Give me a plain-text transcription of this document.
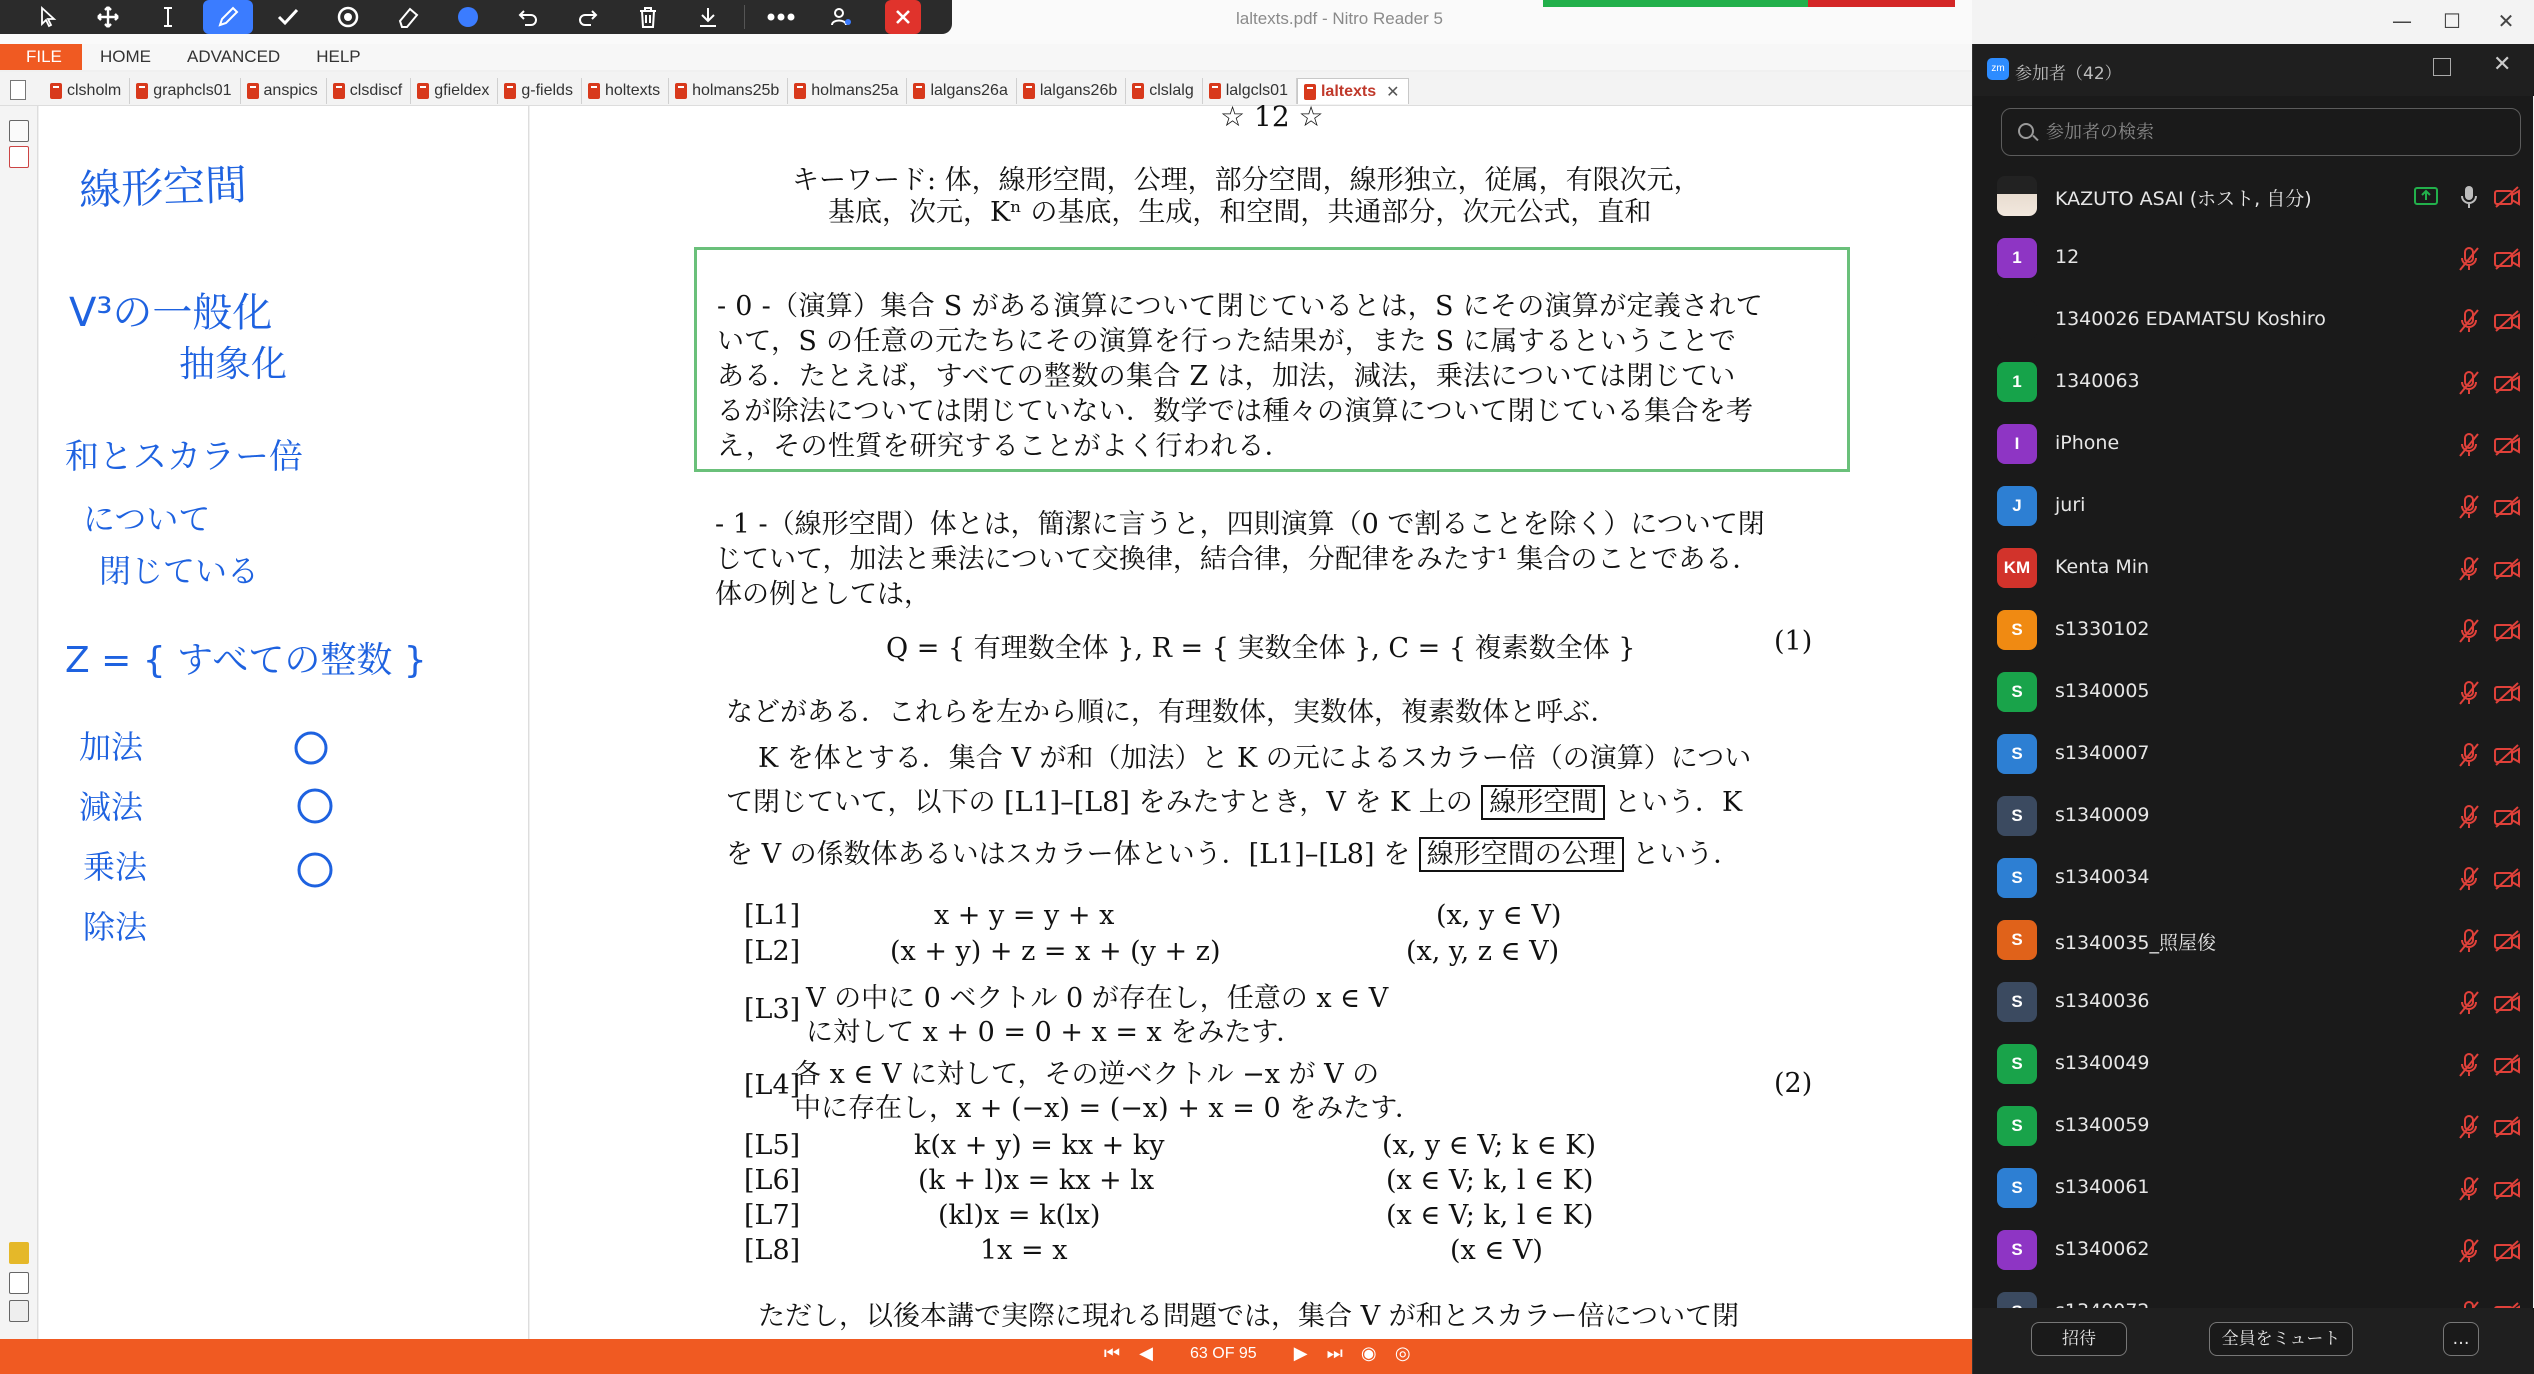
laltexts.pdf - Nitro Reader 5	—	☐	✕
FILE	HOME ADVANCED HELP
clsholm graphcls01 anspics clsdiscf gfieldex g-fields holtexts holmans25b holmans25a lalgans26a lalgans26b clslalg lalgcls01 laltexts ✕
線形空間
V³の一般化
抽象化
和とスカラー倍
について
閉じている
Z = { すべての整数 }
加法
減法
乗法
除法
☆ 12 ☆
キーワード: 体，線形空間，公理，部分空間，線形独立，従属，有限次元，
基底，次元，Kⁿ の基底，生成，和空間，共通部分，次元公式，直和
- 0 -（演算）集合 S がある演算について閉じているとは，S にその演算が定義されて
いて，S の任意の元たちにその演算を行った結果が，また S に属するということで
ある．たとえば，すべての整数の集合 Z は，加法，減法，乗法については閉じてい
るが除法については閉じていない．数学では種々の演算について閉じている集合を考
え，その性質を研究することがよく行われる．
- 1 -（線形空間）体とは，簡潔に言うと，四則演算（0 で割ることを除く）について閉
じていて，加法と乗法について交換律，結合律，分配律をみたす¹ 集合のことである．
体の例としては，
Q = { 有理数全体 }, R = { 実数全体 }, C = { 複素数全体 }	(1)
などがある．これらを左から順に，有理数体，実数体，複素数体と呼ぶ．
K を体とする．集合 V が和（加法）と K の元によるスカラー倍（の演算）につい
て閉じていて，以下の [L1]–[L8] をみたすとき，V を K 上の 線形空間 という．K
を V の係数体あるいはスカラー体という．[L1]–[L8] を 線形空間の公理 という．
[L1]	x + y = y + x	(x, y ∈ V)
[L2]	(x + y) + z = x + (y + z)	(x, y, z ∈ V)
[L3] V の中に 0 ベクトル 0 が存在し，任意の x ∈ V
に対して x + 0 = 0 + x = x をみたす．
[L4]
各 x ∈ V に対して，その逆ベクトル −x が V の
中に存在し，x + (−x) = (−x) + x = 0 をみたす．
(2)
[L5]	k(x + y) = kx + ky	(x, y ∈ V; k ∈ K)
[L6]	(k + l)x = kx + lx	(x ∈ V; k, l ∈ K)
[L7]	(kl)x = k(lx)	(x ∈ V; k, l ∈ K)
[L8]	1x = x	(x ∈ V)
ただし，以後本講で実際に現れる問題では，集合 V が和とスカラー倍について閉
⏮ ◀	63 OF 95	▶ ⏭ ◉ ◎
zm 参加者（42）	✕
参加者の検索
KAZUTO ASAI (ホスト, 自分)
1	12
1340026 EDAMATSU Koshiro
1	1340063
I	iPhone
J	juri
KM	Kenta Min
S	s1330102
S	s1340005
S	s1340007
S	s1340009
S	s1340034
S	s1340035_照屋俊
S	s1340036
S	s1340049
S	s1340059
S	s1340061
S	s1340062
招待	全員をミュート	…
